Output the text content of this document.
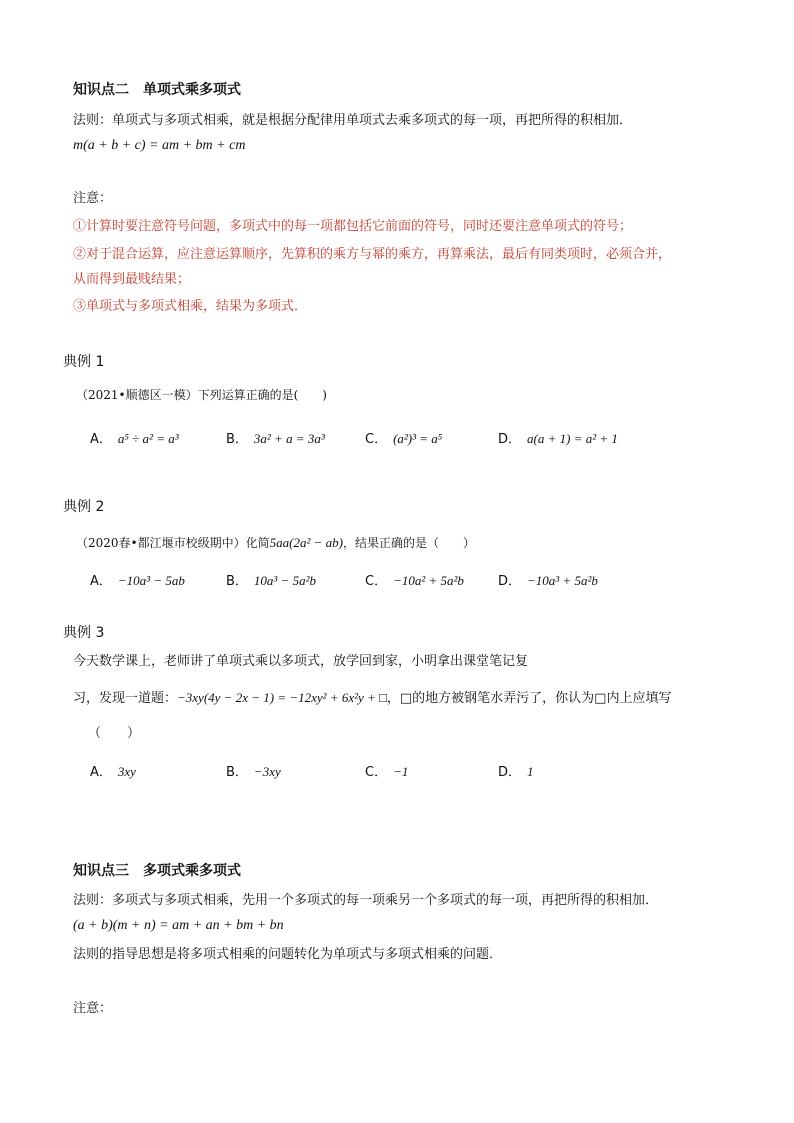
知识点二　单项式乘多项式
法则：单项式与多项式相乘，就是根据分配律用单项式去乘多项式的每一项，再把所得的积相加．
m(a + b + c) = am + bm + cm
注意：
①计算时要注意符号问题，多项式中的每一项都包括它前面的符号，同时还要注意单项式的符号；
②对于混合运算，应注意运算顺序，先算积的乘方与幂的乘方，再算乘法，最后有同类项时，必须合并，
从而得到最贱结果；
③单项式与多项式相乘，结果为多项式．
典例 1
（2021•顺德区一模）下列运算正确的是(　　)
A． a⁵ ÷ a² = a³	B． 3a² + a = 3a³	C． (a²)³ = a⁵	D． a(a + 1) = a² + 1
典例 2
（2020春•都江堰市校级期中）化简5aa(2a² − ab)，结果正确的是（　　）
A． −10a³ − 5ab	B． 10a³ − 5a²b	C． −10a² + 5a²b	D． −10a³ + 5a²b
典例 3
今天数学课上，老师讲了单项式乘以多项式，放学回到家，小明拿出课堂笔记复
习，发现一道题：−3xy(4y − 2x − 1) = −12xy² + 6x²y + □，□的地方被钢笔水弄污了，你认为□内上应填写
（　　）
A． 3xy	B． −3xy	C． −1	D． 1
知识点三　多项式乘多项式
法则：多项式与多项式相乘，先用一个多项式的每一项乘另一个多项式的每一项，再把所得的积相加．
(a + b)(m + n) = am + an + bm + bn
法则的指导思想是将多项式相乘的问题转化为单项式与多项式相乘的问题．
注意：
